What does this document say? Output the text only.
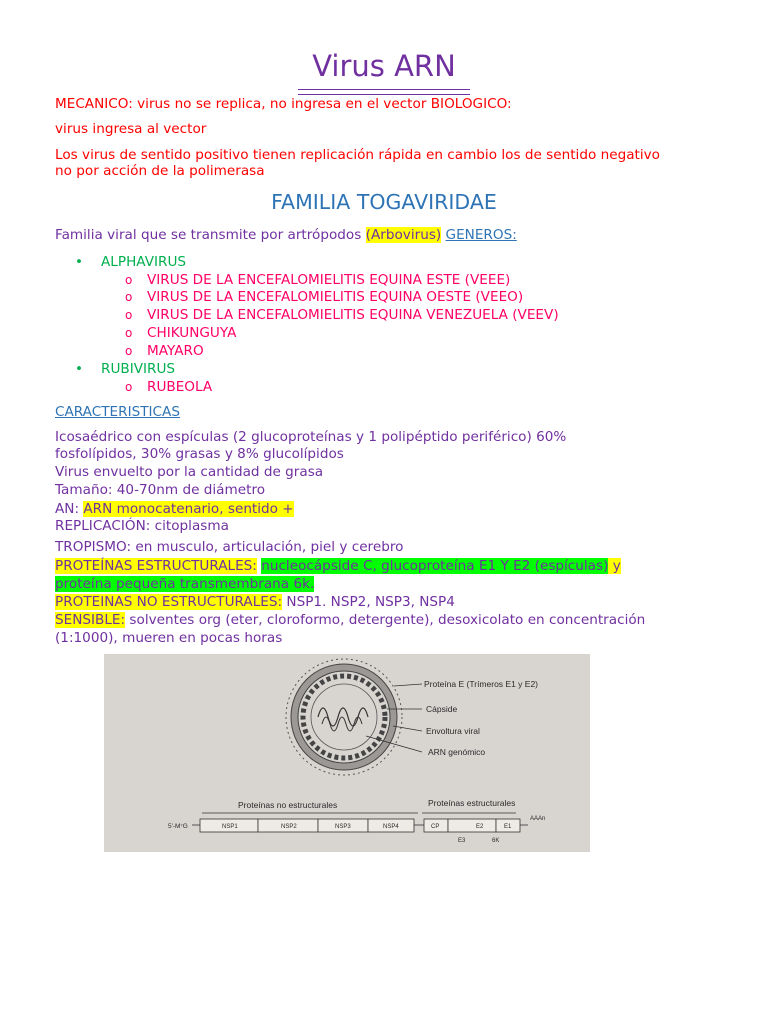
Virus ARN
MECANICO: virus no se replica, no ingresa en el vector BIOLOGICO:
virus ingresa al vector
Los virus de sentido positivo tienen replicación rápida en cambio los de sentido negativo
no por acción de la polimerasa
FAMILIA TOGAVIRIDAE
Familia viral que se transmite por artrópodos (Arbovirus) GENEROS:
• ALPHAVIRUS
o VIRUS DE LA ENCEFALOMIELITIS EQUINA ESTE (VEEE)
o VIRUS DE LA ENCEFALOMIELITIS EQUINA OESTE (VEEO)
o VIRUS DE LA ENCEFALOMIELITIS EQUINA VENEZUELA (VEEV)
o CHIKUNGUYA
o MAYARO
• RUBIVIRUS
o RUBEOLA
CARACTERISTICAS
Icosaédrico con espículas (2 glucoproteínas y 1 polipéptido periférico) 60%
fosfolípidos, 30% grasas y 8% glucolípidos
Virus envuelto por la cantidad de grasa
Tamaño: 40-70nm de diámetro
AN: ARN monocatenario, sentido +
REPLICACIÓN: citoplasma
TROPISMO: en musculo, articulación, piel y cerebro
PROTEÍNAS ESTRUCTURALES: nucleocápside C, glucoproteína E1 Y E2 (espículas) y
proteína pequeña transmembrana 6k.
PROTEINAS NO ESTRUCTURALES: NSP1. NSP2, NSP3, NSP4
SENSIBLE: solventes org (eter, cloroformo, detergente), desoxicolato en concentración
(1:1000), mueren en pocas horas
Proteína E (Trímeros E1 y E2)
Cápside
Envoltura viral
ARN genómico
Proteínas no estructurales	Proteínas estructurales
5'-M⁷G	NSP1	NSP2	NSP3	NSP4	CP	E2	E1
AAAn
E3	6K
